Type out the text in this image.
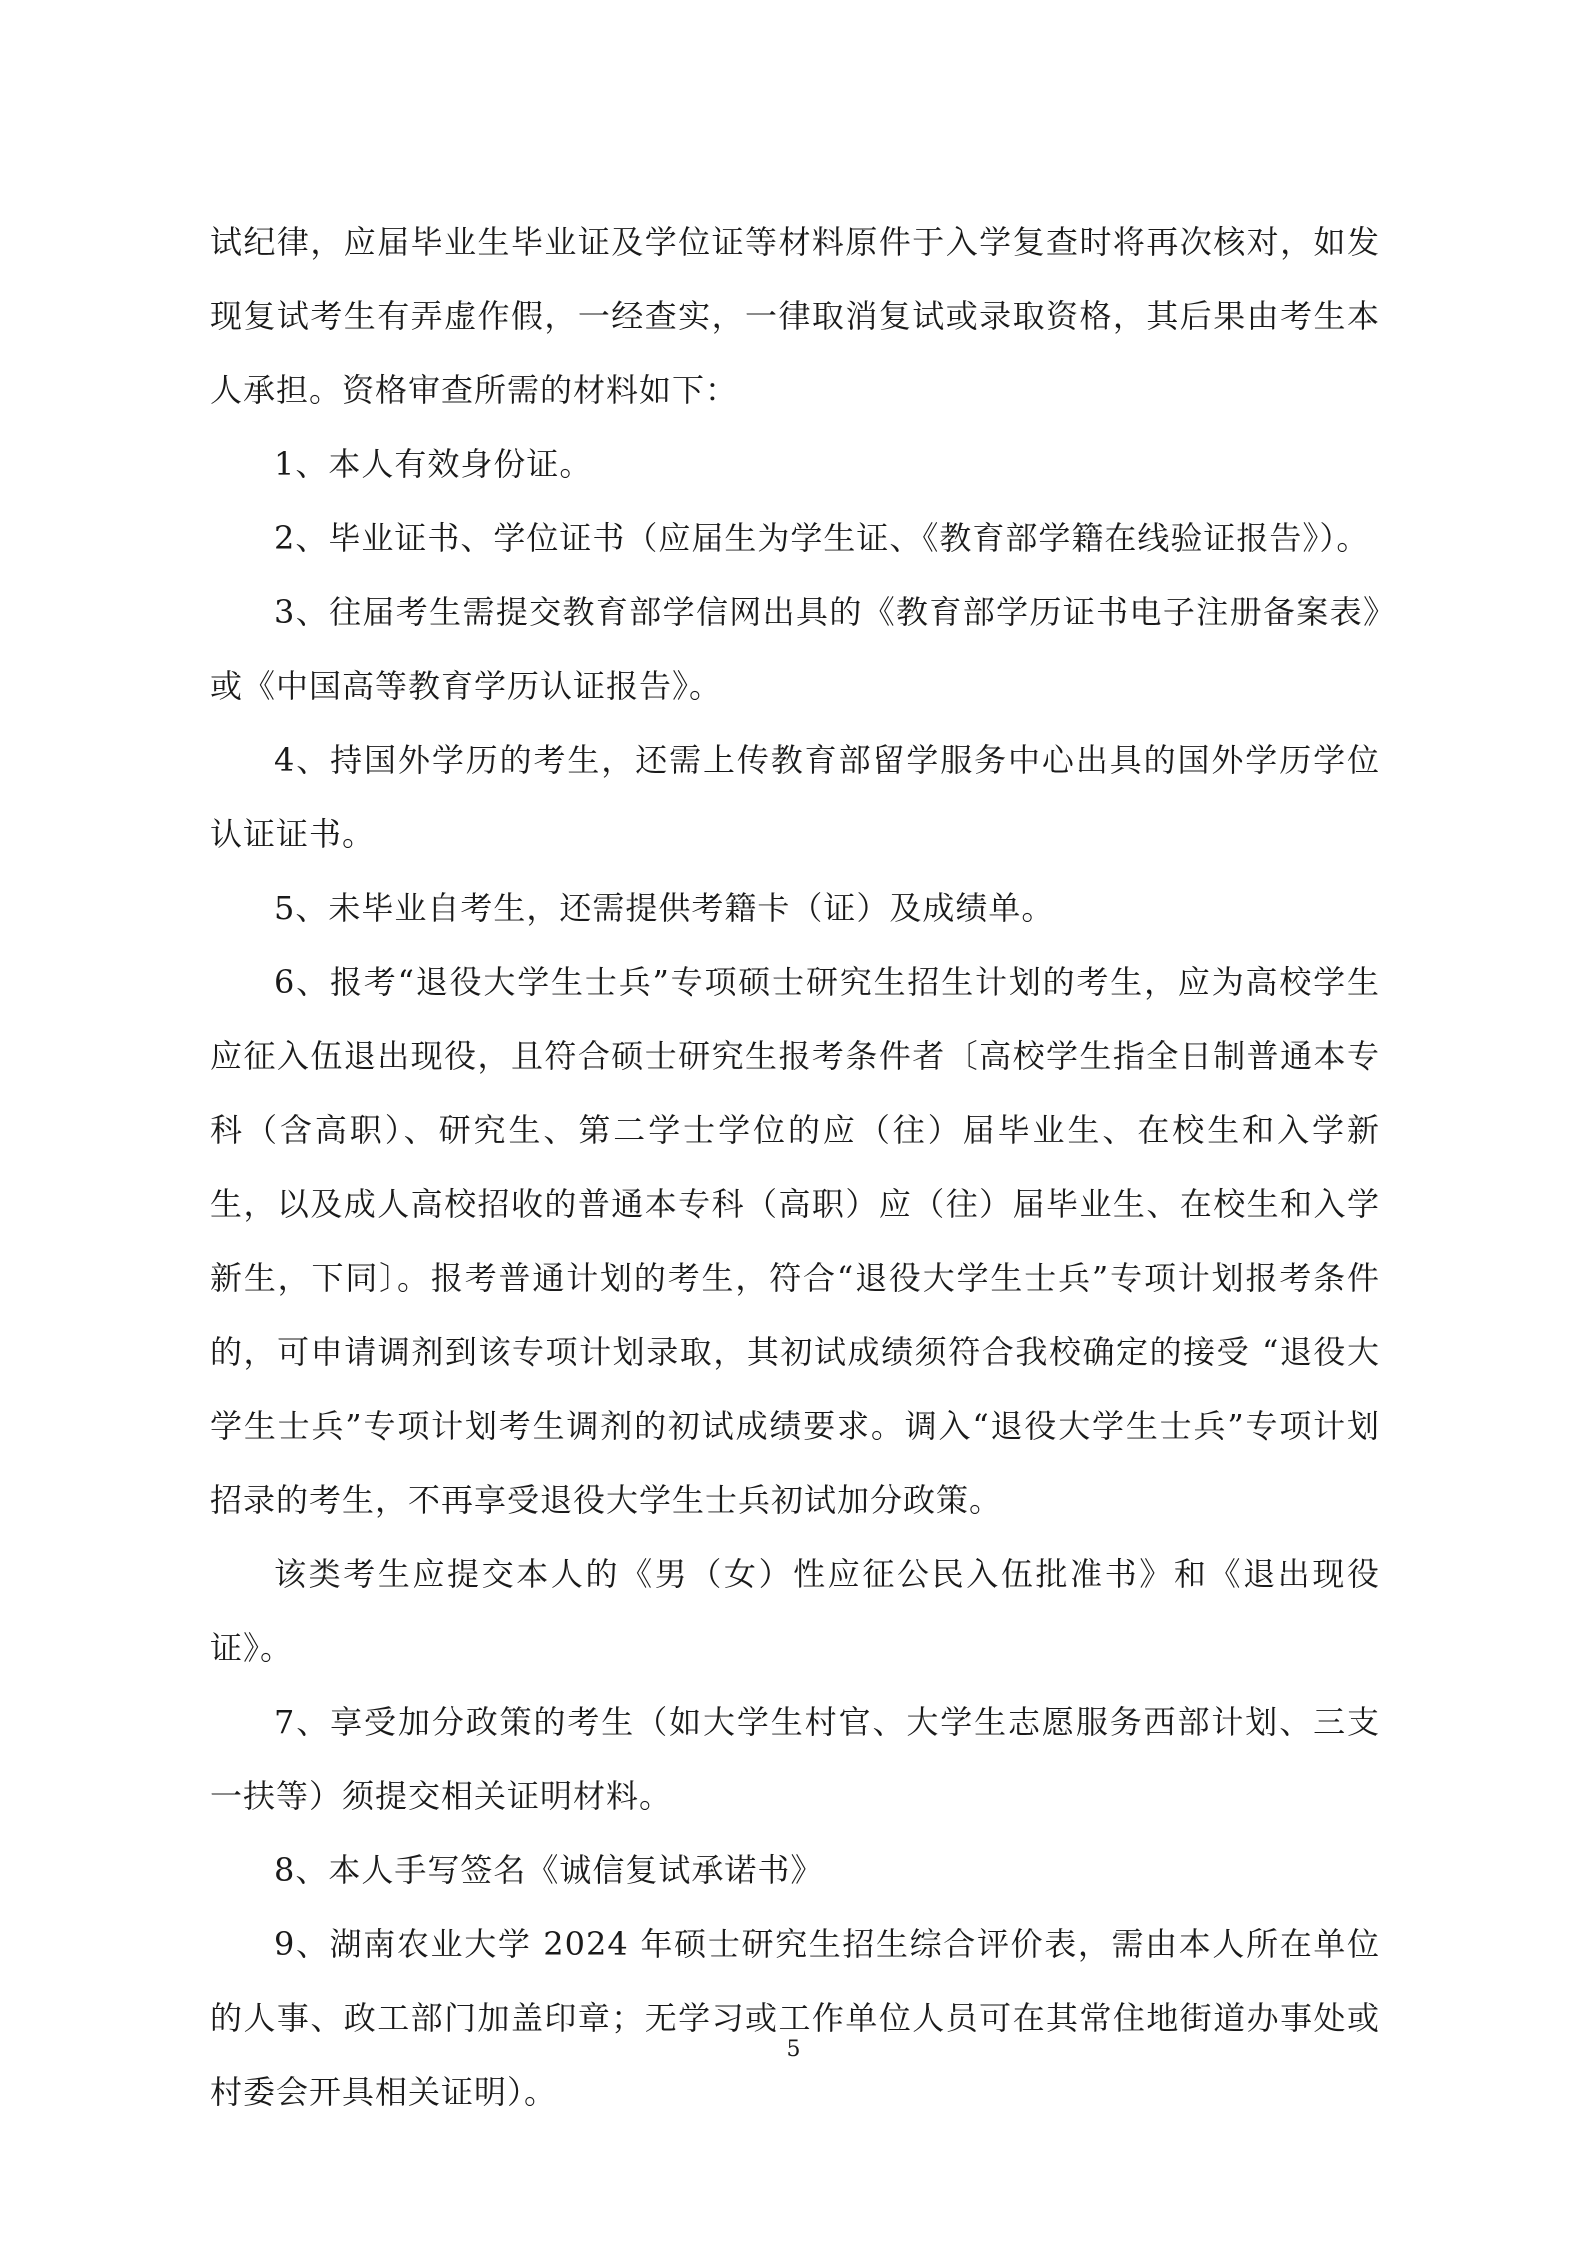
试纪律，应届毕业生毕业证及学位证等材料原件于入学复查时将再次核对，如发现复试考生有弄虚作假，一经查实，一律取消复试或录取资格，其后果由考生本人承担。资格审查所需的材料如下：

1、本人有效身份证。

2、毕业证书、学位证书（应届生为学生证、《教育部学籍在线验证报告》）。

3、往届考生需提交教育部学信网出具的《教育部学历证书电子注册备案表》或《中国高等教育学历认证报告》。

4、持国外学历的考生，还需上传教育部留学服务中心出具的国外学历学位认证证书。

5、未毕业自考生，还需提供考籍卡（证）及成绩单。

6、报考“退役大学生士兵”专项硕士研究生招生计划的考生，应为高校学生应征入伍退出现役，且符合硕士研究生报考条件者〔高校学生指全日制普通本专科（含高职）、研究生、第二学士学位的应（往）届毕业生、在校生和入学新生，以及成人高校招收的普通本专科（高职）应（往）届毕业生、在校生和入学新生，下同〕。报考普通计划的考生，符合“退役大学生士兵”专项计划报考条件的，可申请调剂到该专项计划录取，其初试成绩须符合我校确定的接受 “退役大学生士兵”专项计划考生调剂的初试成绩要求。调入“退役大学生士兵”专项计划招录的考生，不再享受退役大学生士兵初试加分政策。

该类考生应提交本人的《男（女）性应征公民入伍批准书》和《退出现役证》。

7、享受加分政策的考生（如大学生村官、大学生志愿服务西部计划、三支一扶等）须提交相关证明材料。

8、本人手写签名《诚信复试承诺书》

9、湖南农业大学 2024 年硕士研究生招生综合评价表，需由本人所在单位的人事、政工部门加盖印章；无学习或工作单位人员可在其常住地街道办事处或村委会开具相关证明）。

5
